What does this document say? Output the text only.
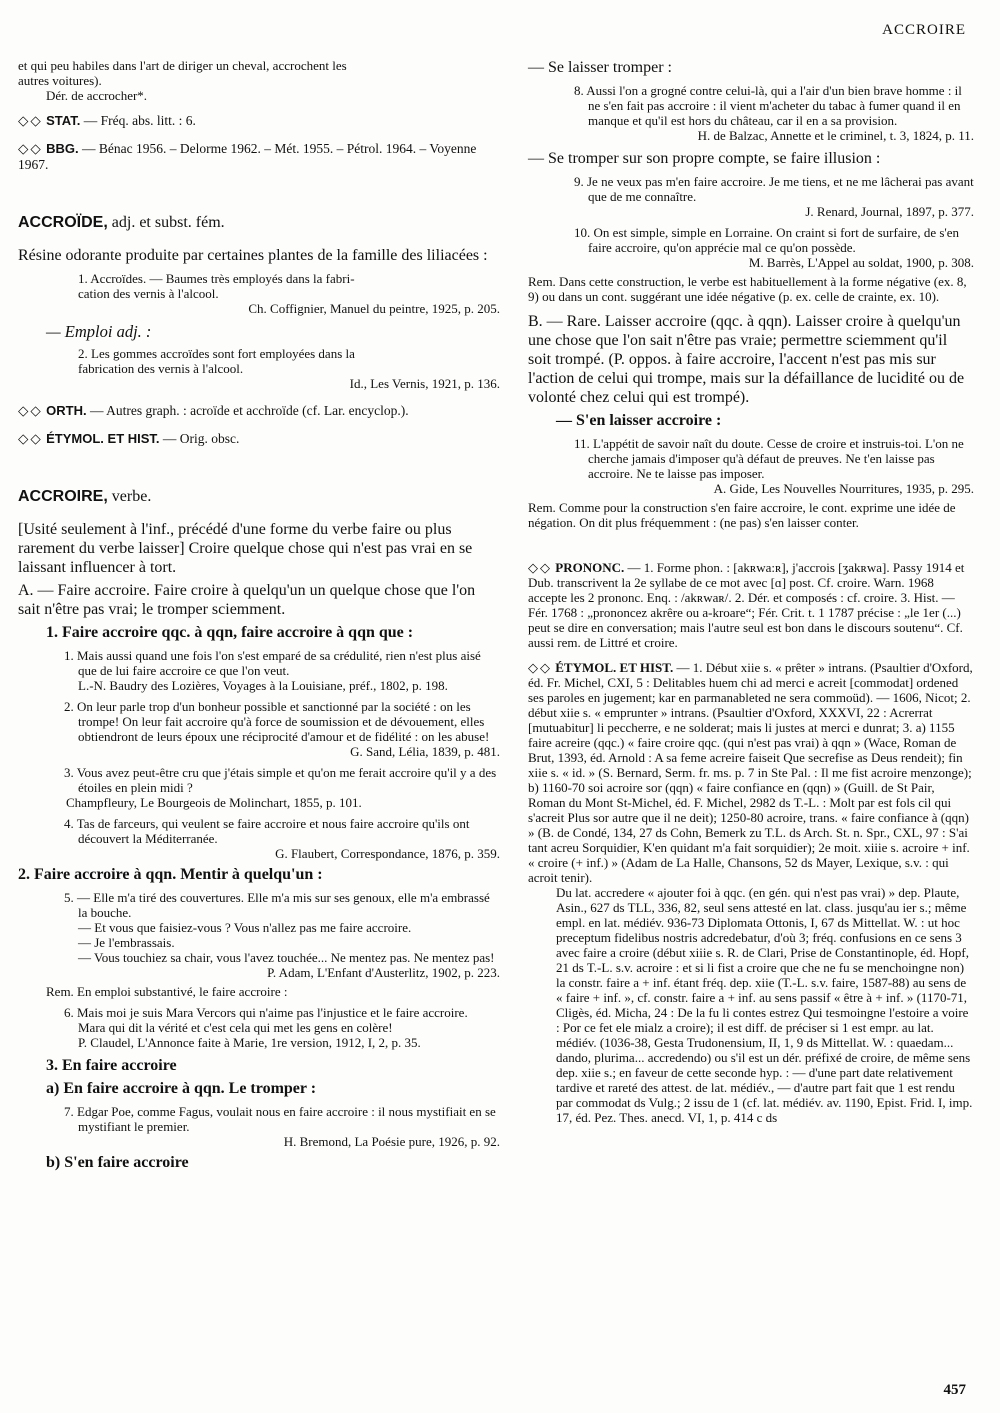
ACCROIRE
et qui peu habiles dans l'art de diriger un cheval, accrochent les
autres voitures).
Dér. de accrocher*.
◇◇ STAT. — Fréq. abs. litt. : 6.
◇◇ BBG. — Bénac 1956. – Delorme 1962. – Mét. 1955. – Pétrol. 1964. – Voyenne 1967.
ACCROÏDE, adj. et subst. fém.
Résine odorante produite par certaines plantes de la famille des liliacées :
1. Accroïdes. — Baumes très employés dans la fabri-
cation des vernis à l'alcool.
Ch. Coffignier, Manuel du peintre, 1925, p. 205.
— Emploi adj. :
2. Les gommes accroïdes sont fort employées dans la
fabrication des vernis à l'alcool.
Id., Les Vernis, 1921, p. 136.
◇◇ ORTH. — Autres graph. : acroïde et acchroïde (cf. Lar. encyclop.).
◇◇ ÉTYMOL. ET HIST. — Orig. obsc.
ACCROIRE, verbe.
[Usité seulement à l'inf., précédé d'une forme du verbe faire ou plus rarement du verbe laisser] Croire quelque chose qui n'est pas vrai en se laissant influencer à tort.
A. — Faire accroire. Faire croire à quelqu'un un quelque chose que l'on sait n'être pas vrai; le tromper sciemment.
1. Faire accroire qqc. à qqn, faire accroire à qqn que :
1. Mais aussi quand une fois l'on s'est emparé de sa crédulité, rien n'est plus aisé que de lui faire accroire ce que l'on veut.
L.-N. Baudry des Lozières, Voyages à la Louisiane, préf., 1802, p. 198.
2. On leur parle trop d'un bonheur possible et sanctionné par la société : on les trompe! On leur fait accroire qu'à force de soumission et de dévouement, elles obtiendront de leurs époux une réciprocité d'amour et de fidélité : on les abuse!
G. Sand, Lélia, 1839, p. 481.
3. Vous avez peut-être cru que j'étais simple et qu'on me ferait accroire qu'il y a des étoiles en plein midi ?
Champfleury, Le Bourgeois de Molinchart, 1855, p. 101.
4. Tas de farceurs, qui veulent se faire accroire et nous faire accroire qu'ils ont découvert la Méditerranée.
G. Flaubert, Correspondance, 1876, p. 359.
2. Faire accroire à qqn. Mentir à quelqu'un :
5. — Elle m'a tiré des couvertures. Elle m'a mis sur ses genoux, elle m'a embrassé la bouche.
— Et vous que faisiez-vous ? Vous n'allez pas me faire accroire.
— Je l'embrassais.
— Vous touchiez sa chair, vous l'avez touchée... Ne mentez pas. Ne mentez pas!
P. Adam, L'Enfant d'Austerlitz, 1902, p. 223.
Rem. En emploi substantivé, le faire accroire :
6. Mais moi je suis Mara Vercors qui n'aime pas l'injustice et le faire accroire.
Mara qui dit la vérité et c'est cela qui met les gens en colère!
P. Claudel, L'Annonce faite à Marie, 1re version, 1912, I, 2, p. 35.
3. En faire accroire
a) En faire accroire à qqn. Le tromper :
7. Edgar Poe, comme Fagus, voulait nous en faire accroire : il nous mystifiait en se mystifiant le premier.
H. Bremond, La Poésie pure, 1926, p. 92.
b) S'en faire accroire
— Se laisser tromper :
8. Aussi l'on a grogné contre celui-là, qui a l'air d'un bien brave homme : il ne s'en fait pas accroire : il vient m'acheter du tabac à fumer quand il en manque et qu'il est hors du château, car il en a sa provision.
H. de Balzac, Annette et le criminel, t. 3, 1824, p. 11.
— Se tromper sur son propre compte, se faire illusion :
9. Je ne veux pas m'en faire accroire. Je me tiens, et ne me lâcherai pas avant que de me connaître.
J. Renard, Journal, 1897, p. 377.
10. On est simple, simple en Lorraine. On craint si fort de surfaire, de s'en faire accroire, qu'on apprécie mal ce qu'on possède.
M. Barrès, L'Appel au soldat, 1900, p. 308.
Rem. Dans cette construction, le verbe est habituellement à la forme négative (ex. 8, 9) ou dans un cont. suggérant une idée négative (p. ex. celle de crainte, ex. 10).
B. — Rare. Laisser accroire (qqc. à qqn). Laisser croire à quelqu'un une chose que l'on sait n'être pas vraie; permettre sciemment qu'il soit trompé. (P. oppos. à faire accroire, l'accent n'est pas mis sur l'action de celui qui trompe, mais sur la défaillance de lucidité ou de volonté chez celui qui est trompé).
— S'en laisser accroire :
11. L'appétit de savoir naît du doute. Cesse de croire et instruis-toi. L'on ne cherche jamais d'imposer qu'à défaut de preuves. Ne t'en laisse pas accroire. Ne te laisse pas imposer.
A. Gide, Les Nouvelles Nourritures, 1935, p. 295.
Rem. Comme pour la construction s'en faire accroire, le cont. exprime une idée de négation. On dit plus fréquemment : (ne pas) s'en laisser conter.
◇◇ PRONONC. — 1. Forme phon. : [akʀwa:ʀ], j'accrois [ʒakʀwa]. Passy 1914 et Dub. transcrivent la 2e syllabe de ce mot avec [ɑ] post. Cf. croire. Warn. 1968 accepte les 2 prononc. Enq. : /akʀwaʀ/. 2. Dér. et composés : cf. croire. 3. Hist. — Fér. 1768 : „prononcez akrêre ou a-kroare“; Fér. Crit. t. 1 1787 précise : „le 1er (...) peut se dire en conversation; mais l'autre seul est bon dans le discours soutenu“. Cf. aussi rem. de Littré et croire.
◇◇ ÉTYMOL. ET HIST. — 1. Début xiie s. « prêter » intrans. (Psaultier d'Oxford, éd. Fr. Michel, CXI, 5 : Delitables huem chi ad merci e acreit [commodat] ordened ses paroles en jugement; kar en parmanableted ne sera commoüd). — 1606, Nicot; 2. début xiie s. « emprunter » intrans. (Psaultier d'Oxford, XXXVI, 22 : Acrerrat [mutuabitur] li peccherre, e ne solderat; mais li justes at merci e dunrat; 3. a) 1155 faire acreire (qqc.) « faire croire qqc. (qui n'est pas vrai) à qqn » (Wace, Roman de Brut, 1393, éd. Arnold : A sa feme acreire faiseit Que secrefise as Deus rendeit); fin xiie s. « id. » (S. Bernard, Serm. fr. ms. p. 7 in Ste Pal. : Il me fist acroire menzonge); b) 1160-70 soi acroire sor (qqn) « faire confiance en (qqn) » (Guill. de St Pair, Roman du Mont St-Michel, éd. F. Michel, 2982 ds T.-L. : Molt par est fols cil qui s'acreit Plus sor autre que il ne deit); 1250-80 acroire, trans. « faire confiance à (qqn) » (B. de Condé, 134, 27 ds Cohn, Bemerk zu T.L. ds Arch. St. n. Spr., CXL, 97 : S'ai tant acreu Sorquidier, K'en quidant m'a fait sorquidier); 2e moit. xiiie s. acroire + inf. « croire (+ inf.) » (Adam de La Halle, Chansons, 52 ds Mayer, Lexique, s.v. : qui acroit tenir).
Du lat. accredere « ajouter foi à qqc. (en gén. qui n'est pas vrai) » dep. Plaute, Asin., 627 ds TLL, 336, 82, seul sens attesté en lat. class. jusqu'au ier s.; même empl. en lat. médiév. 936-73 Diplomata Ottonis, I, 67 ds Mittellat. W. : ut hoc preceptum fidelibus nostris adcredebatur, d'où 3; fréq. confusions en ce sens 3 avec faire a croire (début xiiie s. R. de Clari, Prise de Constantinople, éd. Hopf, 21 ds T.-L. s.v. acroire : et si li fist a croire que che ne fu se menchoingne non) la constr. faire a + inf. étant fréq. dep. xiie (T.-L. s.v. faire, 1587-88) au sens de « faire + inf. », cf. constr. faire a + inf. au sens passif « être à + inf. » (1170-71, Cligès, éd. Micha, 24 : De la fu li contes estrez Qui tesmoingne l'estoire a voire : Por ce fet ele mialz a croire); il est diff. de préciser si 1 est empr. au lat. médiév. (1036-38, Gesta Trudonensium, II, 1, 9 ds Mittellat. W. : quaedam... dando, plurima... accredendo) ou s'il est un dér. préfixé de croire, de même sens dep. xiie s.; en faveur de cette seconde hyp. : — d'une part date relativement tardive et rareté des attest. de lat. médiév., — d'autre part fait que 1 est rendu par commodat ds Vulg.; 2 issu de 1 (cf. lat. médiév. av. 1190, Epist. Frid. I, imp. 17, éd. Pez. Thes. anecd. VI, 1, p. 414 c ds
457
